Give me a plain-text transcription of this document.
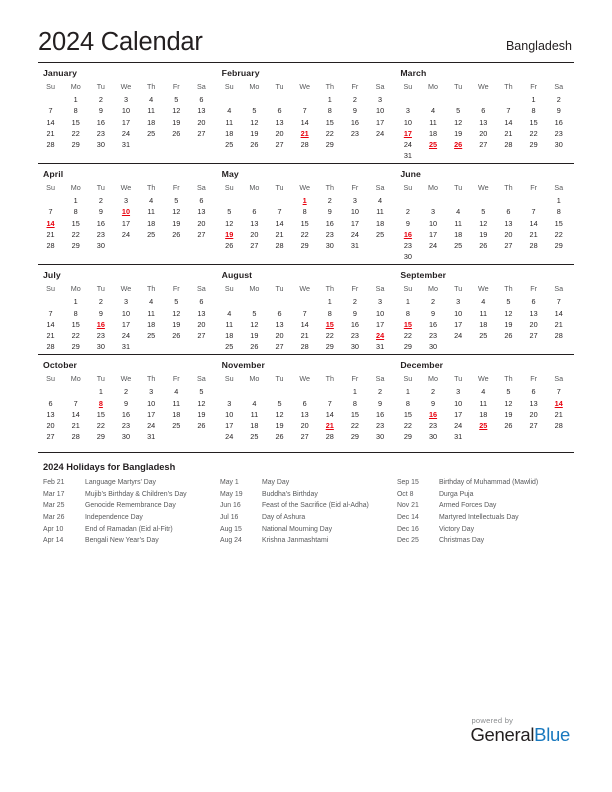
2024 Calendar	Bangladesh
January
Su	Mo	Tu	We	Th	Fr	Sa
	1	2	3	4	5	6
7	8	9	10	11	12	13
14	15	16	17	18	19	20
21	22	23	24	25	26	27
28	29	30	31			
February
Su	Mo	Tu	We	Th	Fr	Sa
				1	2	3
4	5	6	7	8	9	10
11	12	13	14	15	16	17
18	19	20	21	22	23	24
25	26	27	28	29		
March
Su	Mo	Tu	We	Th	Fr	Sa
					1	2
3	4	5	6	7	8	9
10	11	12	13	14	15	16
17	18	19	20	21	22	23
24	25	26	27	28	29	30
31						
April
Su	Mo	Tu	We	Th	Fr	Sa
	1	2	3	4	5	6
7	8	9	10	11	12	13
14	15	16	17	18	19	20
21	22	23	24	25	26	27
28	29	30				
May
Su	Mo	Tu	We	Th	Fr	Sa
			1	2	3	4
5	6	7	8	9	10	11
12	13	14	15	16	17	18
19	20	21	22	23	24	25
26	27	28	29	30	31	
June
Su	Mo	Tu	We	Th	Fr	Sa
						1
2	3	4	5	6	7	8
9	10	11	12	13	14	15
16	17	18	19	20	21	22
23	24	25	26	27	28	29
30						
July
Su	Mo	Tu	We	Th	Fr	Sa
	1	2	3	4	5	6
7	8	9	10	11	12	13
14	15	16	17	18	19	20
21	22	23	24	25	26	27
28	29	30	31			
August
Su	Mo	Tu	We	Th	Fr	Sa
				1	2	3
4	5	6	7	8	9	10
11	12	13	14	15	16	17
18	19	20	21	22	23	24
25	26	27	28	29	30	31
September
Su	Mo	Tu	We	Th	Fr	Sa
1	2	3	4	5	6	7
8	9	10	11	12	13	14
15	16	17	18	19	20	21
22	23	24	25	26	27	28
29	30					
October
Su	Mo	Tu	We	Th	Fr	Sa
		1	2	3	4	5
6	7	8	9	10	11	12
13	14	15	16	17	18	19
20	21	22	23	24	25	26
27	28	29	30	31		
November
Su	Mo	Tu	We	Th	Fr	Sa
					1	2
3	4	5	6	7	8	9
10	11	12	13	14	15	16
17	18	19	20	21	22	23
24	25	26	27	28	29	30
December
Su	Mo	Tu	We	Th	Fr	Sa
1	2	3	4	5	6	7
8	9	10	11	12	13	14
15	16	17	18	19	20	21
22	23	24	25	26	27	28
29	30	31				
2024 Holidays for Bangladesh
Feb 21	Language Martyrs’ Day
Mar 17	Mujib’s Birthday & Children’s Day
Mar 25	Genocide Remembrance Day
Mar 26	Independence Day
Apr 10	End of Ramadan (Eid al-Fitr)
Apr 14	Bengali New Year’s Day
May 1	May Day
May 19	Buddha’s Birthday
Jun 16	Feast of the Sacrifice (Eid al-Adha)
Jul 16	Day of Ashura
Aug 15	National Mourning Day
Aug 24	Krishna Janmashtami
Sep 15	Birthday of Muhammad (Mawlid)
Oct 8	Durga Puja
Nov 21	Armed Forces Day
Dec 14	Martyred Intellectuals Day
Dec 16	Victory Day
Dec 25	Christmas Day
powered by
GeneralBlue
